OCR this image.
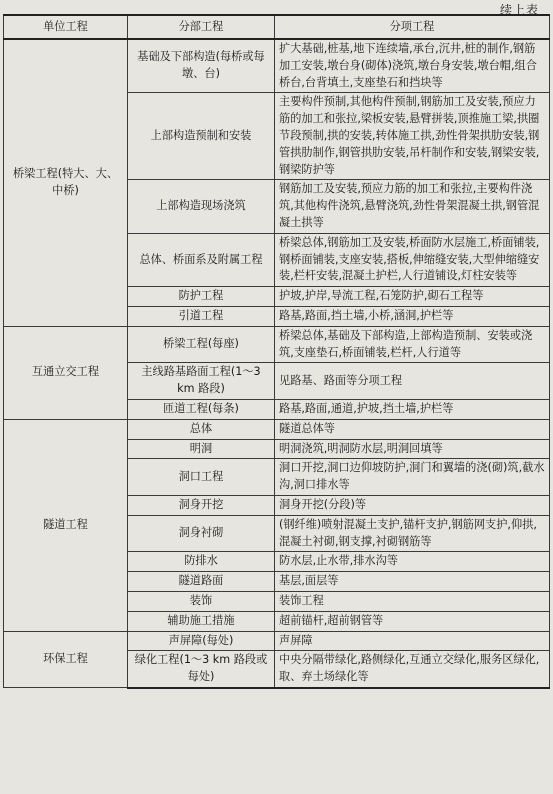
续上表
单位工程	分部工程	分项工程
桥梁工程(特大、大、中桥)	基础及下部构造(每桥或每墩、台)	扩大基础,桩基,地下连续墙,承台,沉井,桩的制作,钢筋加工安装,墩台身(砌体)浇筑,墩台身安装,墩台帽,组合桥台,台背填土,支座垫石和挡块等
	上部构造预制和安装	主要构件预制,其他构件预制,钢筋加工及安装,预应力筋的加工和张拉,梁板安装,悬臂拼装,顶推施工梁,拱圈节段预制,拱的安装,转体施工拱,劲性骨架拱肋安装,钢管拱肋制作,钢管拱肋安装,吊杆制作和安装,钢梁安装,钢梁防护等
	上部构造现场浇筑	钢筋加工及安装,预应力筋的加工和张拉,主要构件浇筑,其他构件浇筑,悬臂浇筑,劲性骨架混凝土拱,钢管混凝土拱等
	总体、桥面系及附属工程	桥梁总体,钢筋加工及安装,桥面防水层施工,桥面铺装,钢桥面铺装,支座安装,搭板,伸缩缝安装,大型伸缩缝安装,栏杆安装,混凝土护栏,人行道铺设,灯柱安装等
	防护工程	护坡,护岸,导流工程,石笼防护,砌石工程等
	引道工程	路基,路面,挡土墙,小桥,涵洞,护栏等
互通立交工程	桥梁工程(每座)	桥梁总体,基础及下部构造,上部构造预制、安装或浇筑,支座垫石,桥面铺装,栏杆,人行道等
	主线路基路面工程(1～3 km 路段)	见路基、路面等分项工程
	匝道工程(每条)	路基,路面,通道,护坡,挡土墙,护栏等
隧道工程	总体	隧道总体等
	明洞	明洞浇筑,明洞防水层,明洞回填等
	洞口工程	洞口开挖,洞口边仰坡防护,洞门和翼墙的浇(砌)筑,截水沟,洞口排水等
	洞身开挖	洞身开挖(分段)等
	洞身衬砌	(钢纤维)喷射混凝土支护,锚杆支护,钢筋网支护,仰拱,混凝土衬砌,钢支撑,衬砌钢筋等
	防排水	防水层,止水带,排水沟等
	隧道路面	基层,面层等
	装饰	装饰工程
	辅助施工措施	超前锚杆,超前钢管等
环保工程	声屏障(每处)	声屏障
	绿化工程(1～3 km 路段或每处)	中央分隔带绿化,路侧绿化,互通立交绿化,服务区绿化,取、弃土场绿化等
